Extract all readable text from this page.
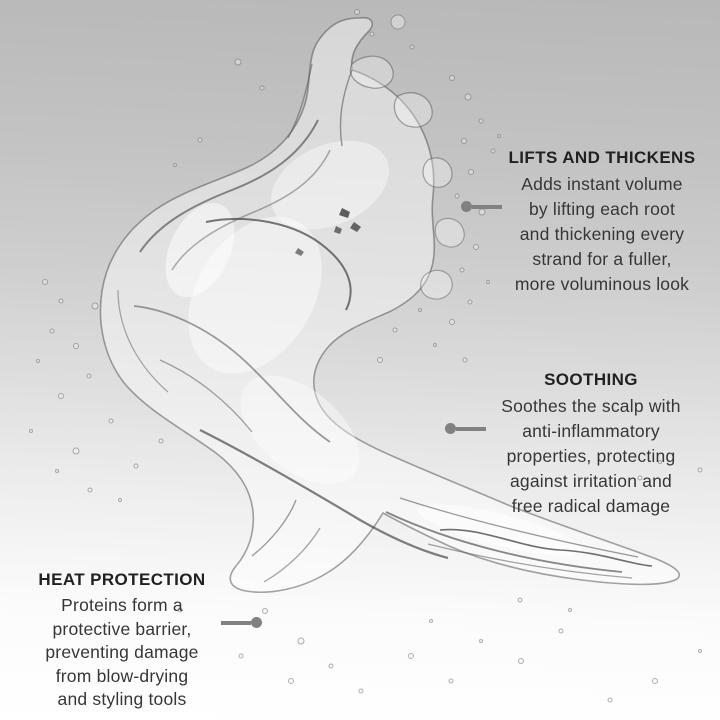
LIFTS AND THICKENS
Adds instant volume
by lifting each root
and thickening every
strand for a fuller,
more voluminous look
SOOTHING
Soothes the scalp with
anti-inflammatory
properties, protecting
against irritation and
free radical damage
HEAT PROTECTION
Proteins form a
protective barrier,
preventing damage
from blow-drying
and styling tools
